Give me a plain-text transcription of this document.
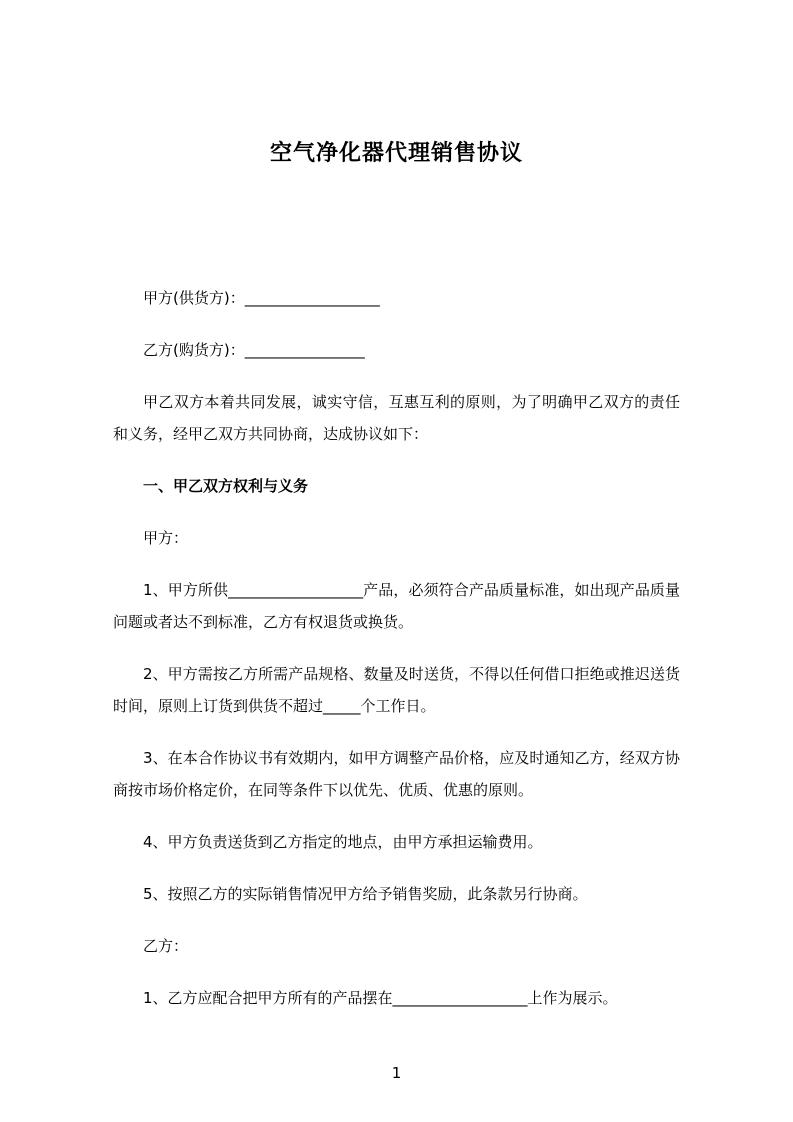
空气净化器代理销售协议

甲方(供货方)：__________________

乙方(购货方)：________________

甲乙双方本着共同发展，诚实守信，互惠互利的原则，为了明确甲乙双方的责任和义务，经甲乙双方共同协商，达成协议如下：

一、甲乙双方权利与义务

甲方：

1、甲方所供__________________产品，必须符合产品质量标准，如出现产品质量问题或者达不到标准，乙方有权退货或换货。

2、甲方需按乙方所需产品规格、数量及时送货，不得以任何借口拒绝或推迟送货时间，原则上订货到供货不超过_____个工作日。

3、在本合作协议书有效期内，如甲方调整产品价格，应及时通知乙方，经双方协商按市场价格定价，在同等条件下以优先、优质、优惠的原则。

4、甲方负责送货到乙方指定的地点，由甲方承担运输费用。

5、按照乙方的实际销售情况甲方给予销售奖励，此条款另行协商。

乙方：

1、乙方应配合把甲方所有的产品摆在__________________上作为展示。

1
